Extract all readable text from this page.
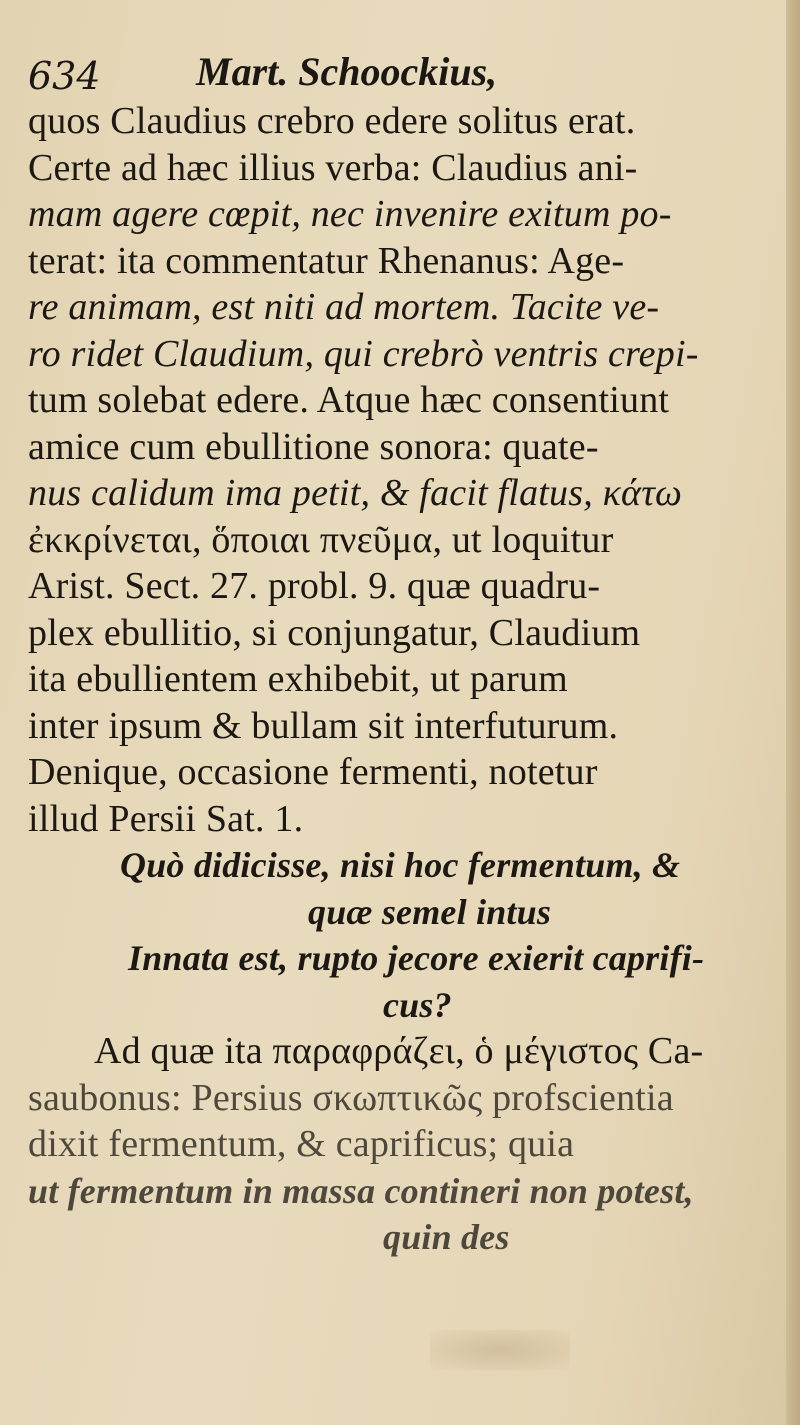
634 Mart. Schoockius,
quos Claudius crebro edere solitus erat.
Certe ad hæc illius verba: Claudius ani-
mam agere cœpit, nec invenire exitum po-
terat: ita commentatur Rhenanus: Age-
re animam, est niti ad mortem. Tacite ve-
ro ridet Claudium, qui crebrò ventris crepi-
tum solebat edere. Atque hæc consentiunt
amice cum ebullitione sonora: quate-
nus calidum ima petit, & facit flatus, κάτω
ἐκκρίνεται, ὅποιαι πνεῦμα, ut loquitur
Arist. Sect. 27. probl. 9. quæ quadru-
plex ebullitio, si conjungatur, Claudium
ita ebullientem exhibebit, ut parum
inter ipsum & bullam sit interfuturum.
Denique, occasione fermenti, notetur
illud Persii Sat. 1.
Quò didicisse, nisi hoc fermentum, &
quæ semel intus
Innata est, rupto jecore exierit caprifi-
cus?
Ad quæ ita παραφράζει, ὁ μέγιστος Ca-
saubonus: Persius σκωπτικῶς profscientia
dixit fermentum, & caprificus; quia
ut fermentum in massa contineri non potest,
quin des
